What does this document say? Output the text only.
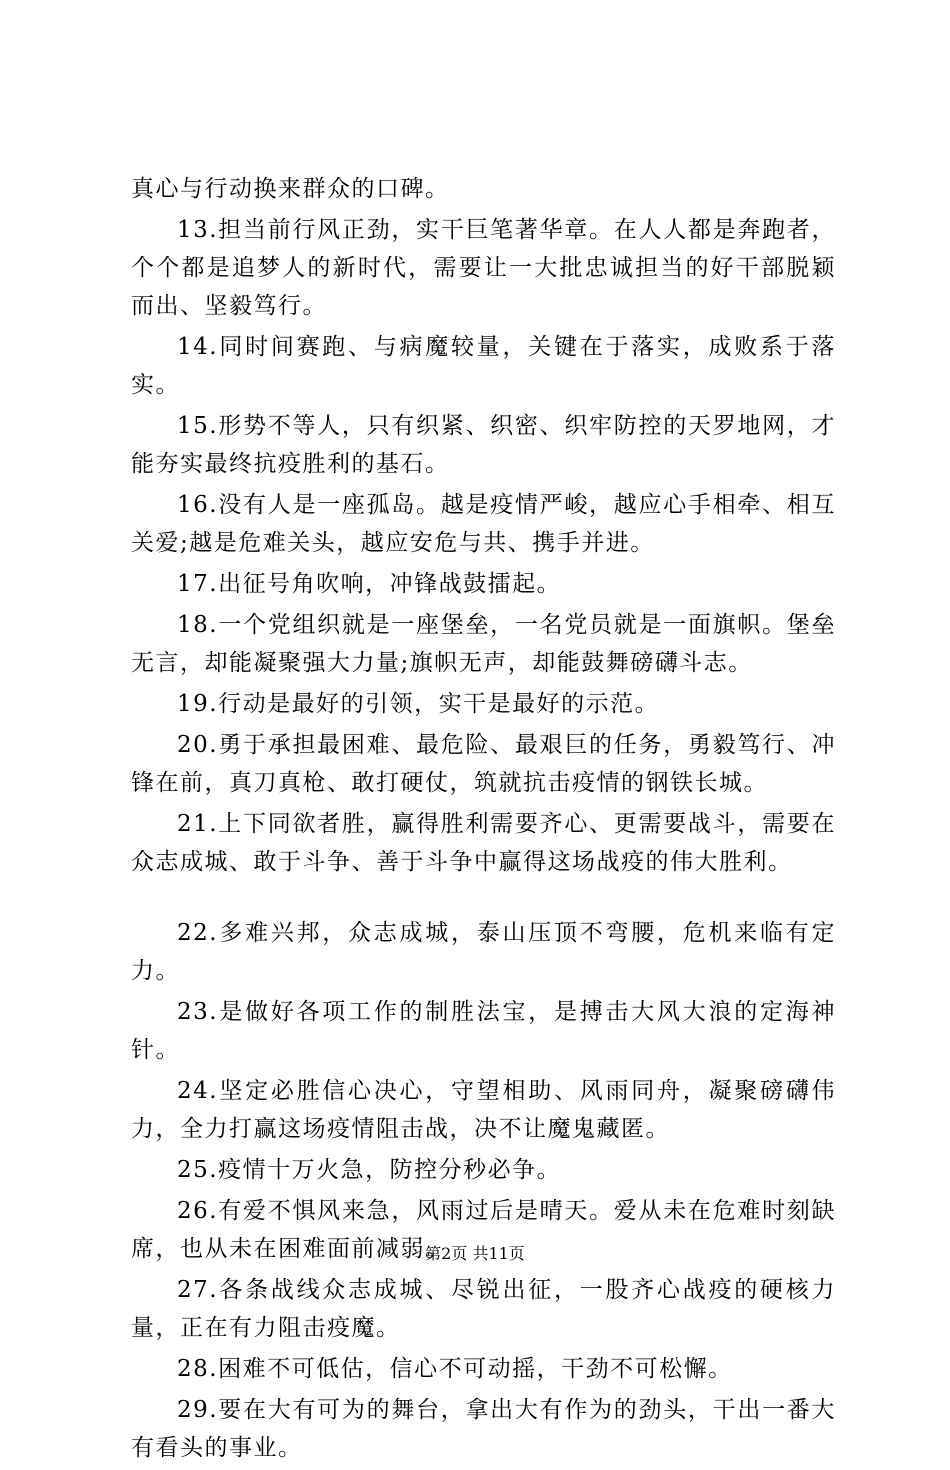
真心与行动换来群众的口碑。

13.担当前行风正劲，实干巨笔著华章。在人人都是奔跑者，个个都是追梦人的新时代，需要让一大批忠诚担当的好干部脱颖而出、坚毅笃行。

14.同时间赛跑、与病魔较量，关键在于落实，成败系于落实。

15.形势不等人，只有织紧、织密、织牢防控的天罗地网，才能夯实最终抗疫胜利的基石。

16.没有人是一座孤岛。越是疫情严峻，越应心手相牵、相互关爱;越是危难关头，越应安危与共、携手并进。

17.出征号角吹响，冲锋战鼓擂起。

18.一个党组织就是一座堡垒，一名党员就是一面旗帜。堡垒无言，却能凝聚强大力量;旗帜无声，却能鼓舞磅礴斗志。

19.行动是最好的引领，实干是最好的示范。

20.勇于承担最困难、最危险、最艰巨的任务，勇毅笃行、冲锋在前，真刀真枪、敢打硬仗，筑就抗击疫情的钢铁长城。

21.上下同欲者胜，赢得胜利需要齐心、更需要战斗，需要在众志成城、敢于斗争、善于斗争中赢得这场战疫的伟大胜利。

22.多难兴邦，众志成城，泰山压顶不弯腰，危机来临有定力。

23.是做好各项工作的制胜法宝，是搏击大风大浪的定海神针。

24.坚定必胜信心决心，守望相助、风雨同舟，凝聚磅礴伟力，全力打赢这场疫情阻击战，决不让魔鬼藏匿。

25.疫情十万火急，防控分秒必争。

26.有爱不惧风来急，风雨过后是晴天。爱从未在危难时刻缺席，也从未在困难面前减弱。

27.各条战线众志成城、尽锐出征，一股齐心战疫的硬核力量，正在有力阻击疫魔。

28.困难不可低估，信心不可动摇，干劲不可松懈。

29.要在大有可为的舞台，拿出大有作为的劲头，干出一番大有看头的事业。

第2页 共11页
